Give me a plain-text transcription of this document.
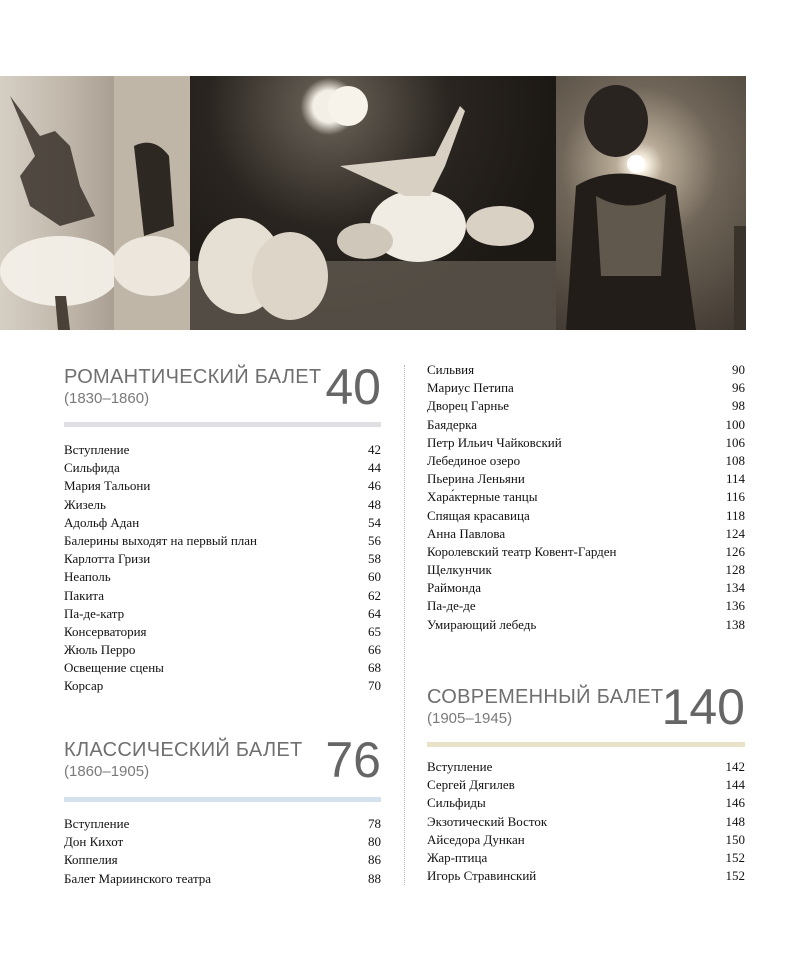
РОМАНТИЧЕСКИЙ БАЛЕТ
(1830–1860)	40
Вступление	42
Сильфида	44
Мария Тальони	46
Жизель	48
Адольф Адан	54
Балерины выходят на первый план	56
Карлотта Гризи	58
Неаполь	60
Пакита	62
Па-де-катр	64
Консерватория	65
Жюль Перро	66
Освещение сцены	68
Корсар	70
КЛАССИЧЕСКИЙ БАЛЕТ
(1860–1905)	76
Вступление	78
Дон Кихот	80
Коппелия	86
Балет Мариинского театра	88
Сильвия	90
Мариус Петипа	96
Дворец Гарнье	98
Баядерка	100
Петр Ильич Чайковский	106
Лебединое озеро	108
Пьерина Леньяни	114
Хара́ктерные танцы	116
Спящая красавица	118
Анна Павлова	124
Королевский театр Ковент-Гарден	126
Щелкунчик	128
Раймонда	134
Па-де-де	136
Умирающий лебедь	138
СОВРЕМЕННЫЙ БАЛЕТ
(1905–1945)	140
Вступление	142
Сергей Дягилев	144
Сильфиды	146
Экзотический Восток	148
Айседора Дункан	150
Жар-птица	152
Игорь Стравинский	152
